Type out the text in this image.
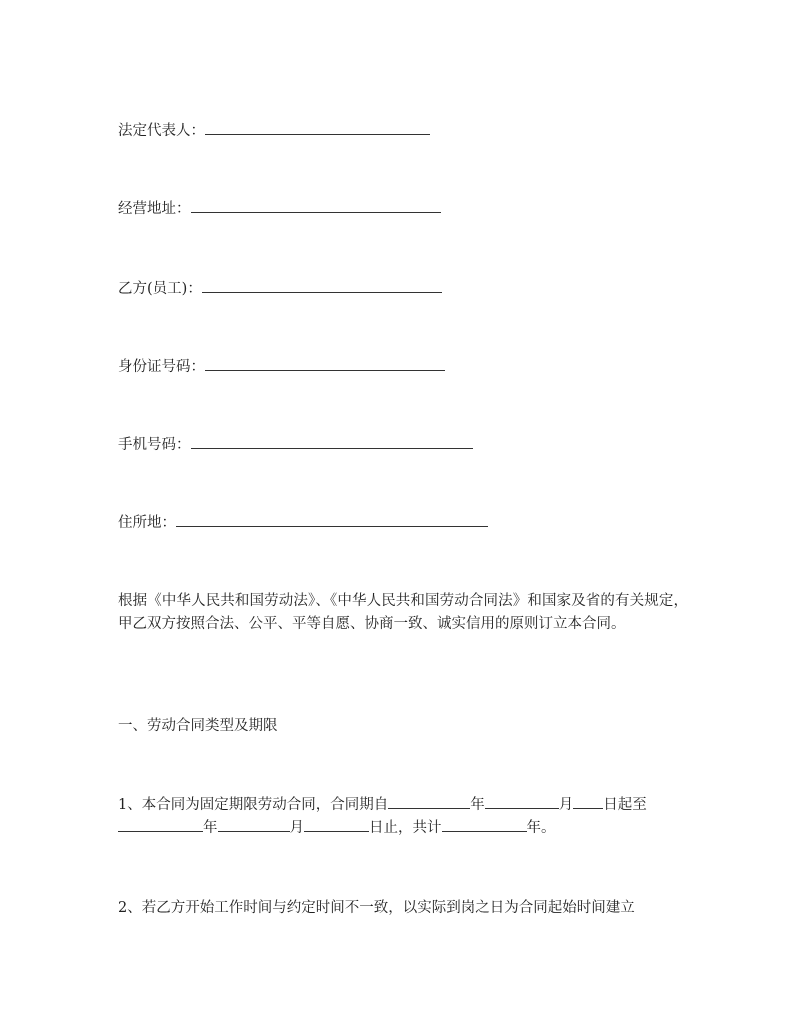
法定代表人：
经营地址：
乙方(员工)：
身份证号码：
手机号码：
住所地：
根据《中华人民共和国劳动法》、《中华人民共和国劳动合同法》和国家及省的有关规定，甲乙双方按照合法、公平、平等自愿、协商一致、诚实信用的原则订立本合同。
一、劳动合同类型及期限
1、本合同为固定期限劳动合同，合同期自	年	月 日起至
年	月	日止，共计	年。
2、若乙方开始工作时间与约定时间不一致，以实际到岗之日为合同起始时间建立
